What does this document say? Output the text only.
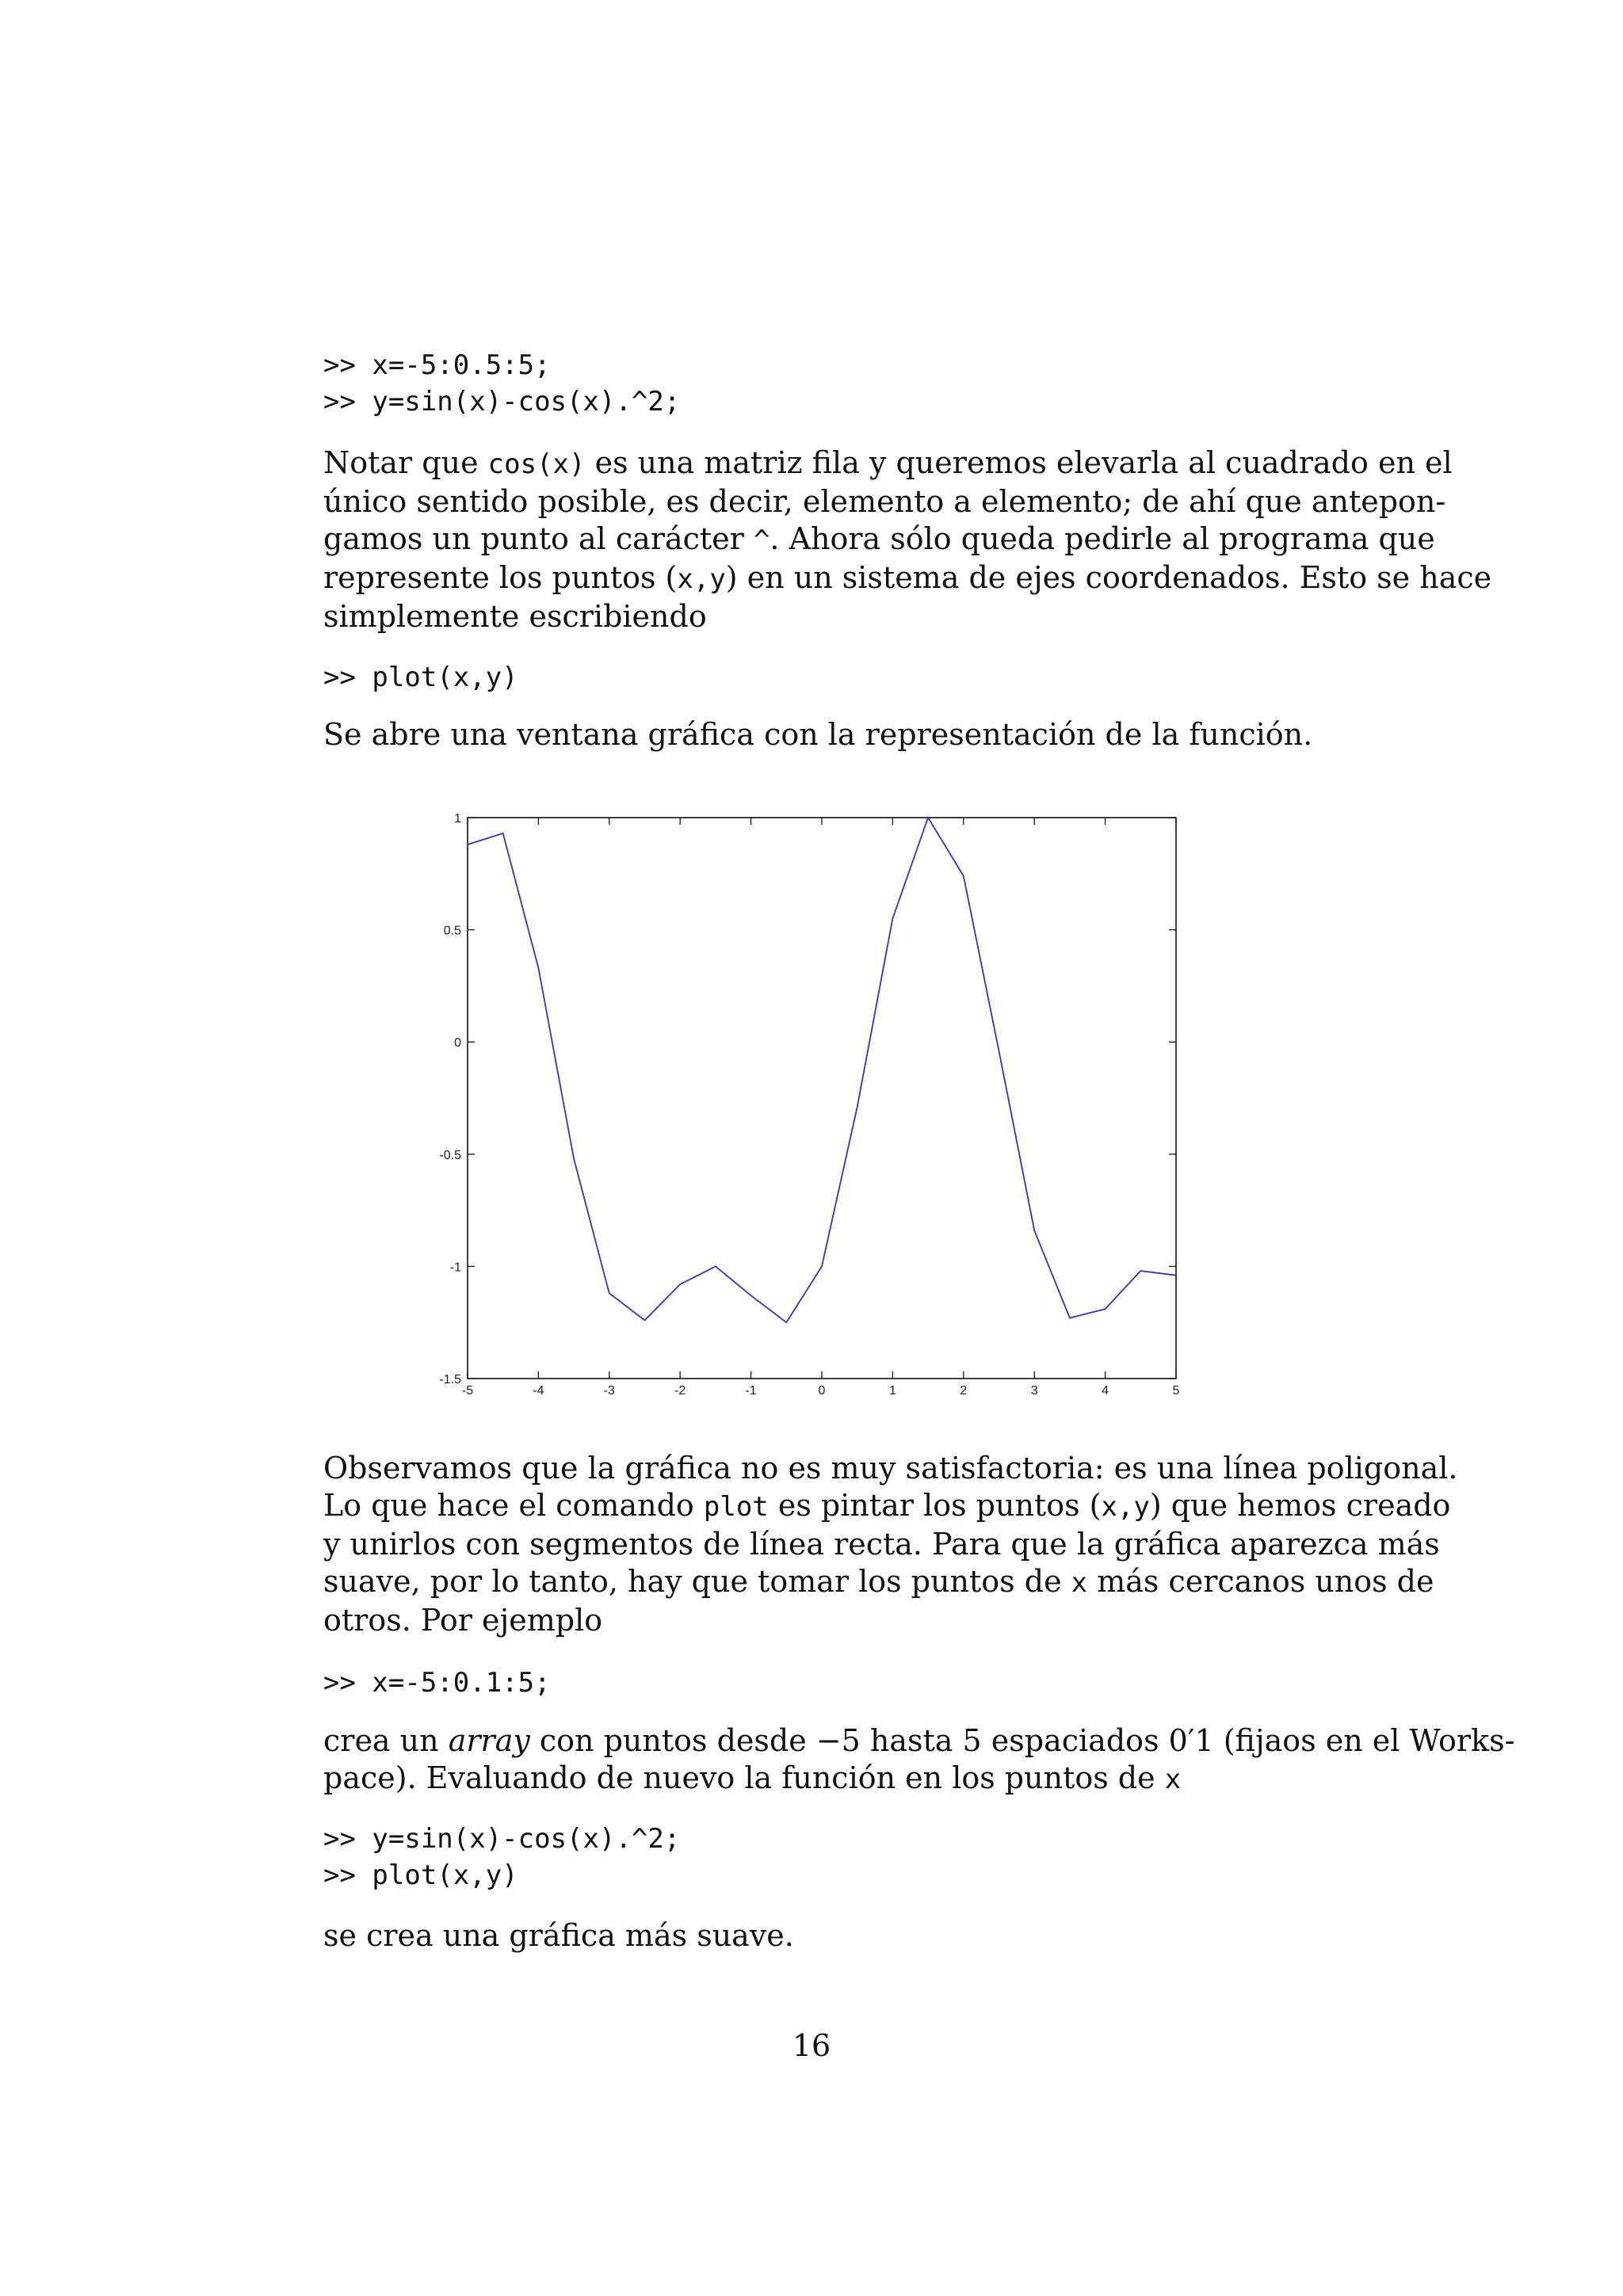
>> x=-5:0.5:5;
>> y=sin(x)-cos(x).^2;
Notar que cos(x) es una matriz fila y queremos elevarla al cuadrado en el
único sentido posible, es decir, elemento a elemento; de ahí que antepon-
gamos un punto al carácter ^. Ahora sólo queda pedirle al programa que
represente los puntos (x,y) en un sistema de ejes coordenados. Esto se hace
simplemente escribiendo
>> plot(x,y)
Se abre una ventana gráfica con la representación de la función.
-5	-4	-3	-2	-1	0	1	2	3	4	5
-1.5
-1
-0.5
0
0.5
1
Observamos que la gráfica no es muy satisfactoria: es una línea poligonal.
Lo que hace el comando plot es pintar los puntos (x,y) que hemos creado
y unirlos con segmentos de línea recta. Para que la gráfica aparezca más
suave, por lo tanto, hay que tomar los puntos de x más cercanos unos de
otros. Por ejemplo
>> x=-5:0.1:5;
crea un array con puntos desde −5 hasta 5 espaciados 0′1 (fijaos en el Works-
pace). Evaluando de nuevo la función en los puntos de x
>> y=sin(x)-cos(x).^2;
>> plot(x,y)
se crea una gráfica más suave.
16
